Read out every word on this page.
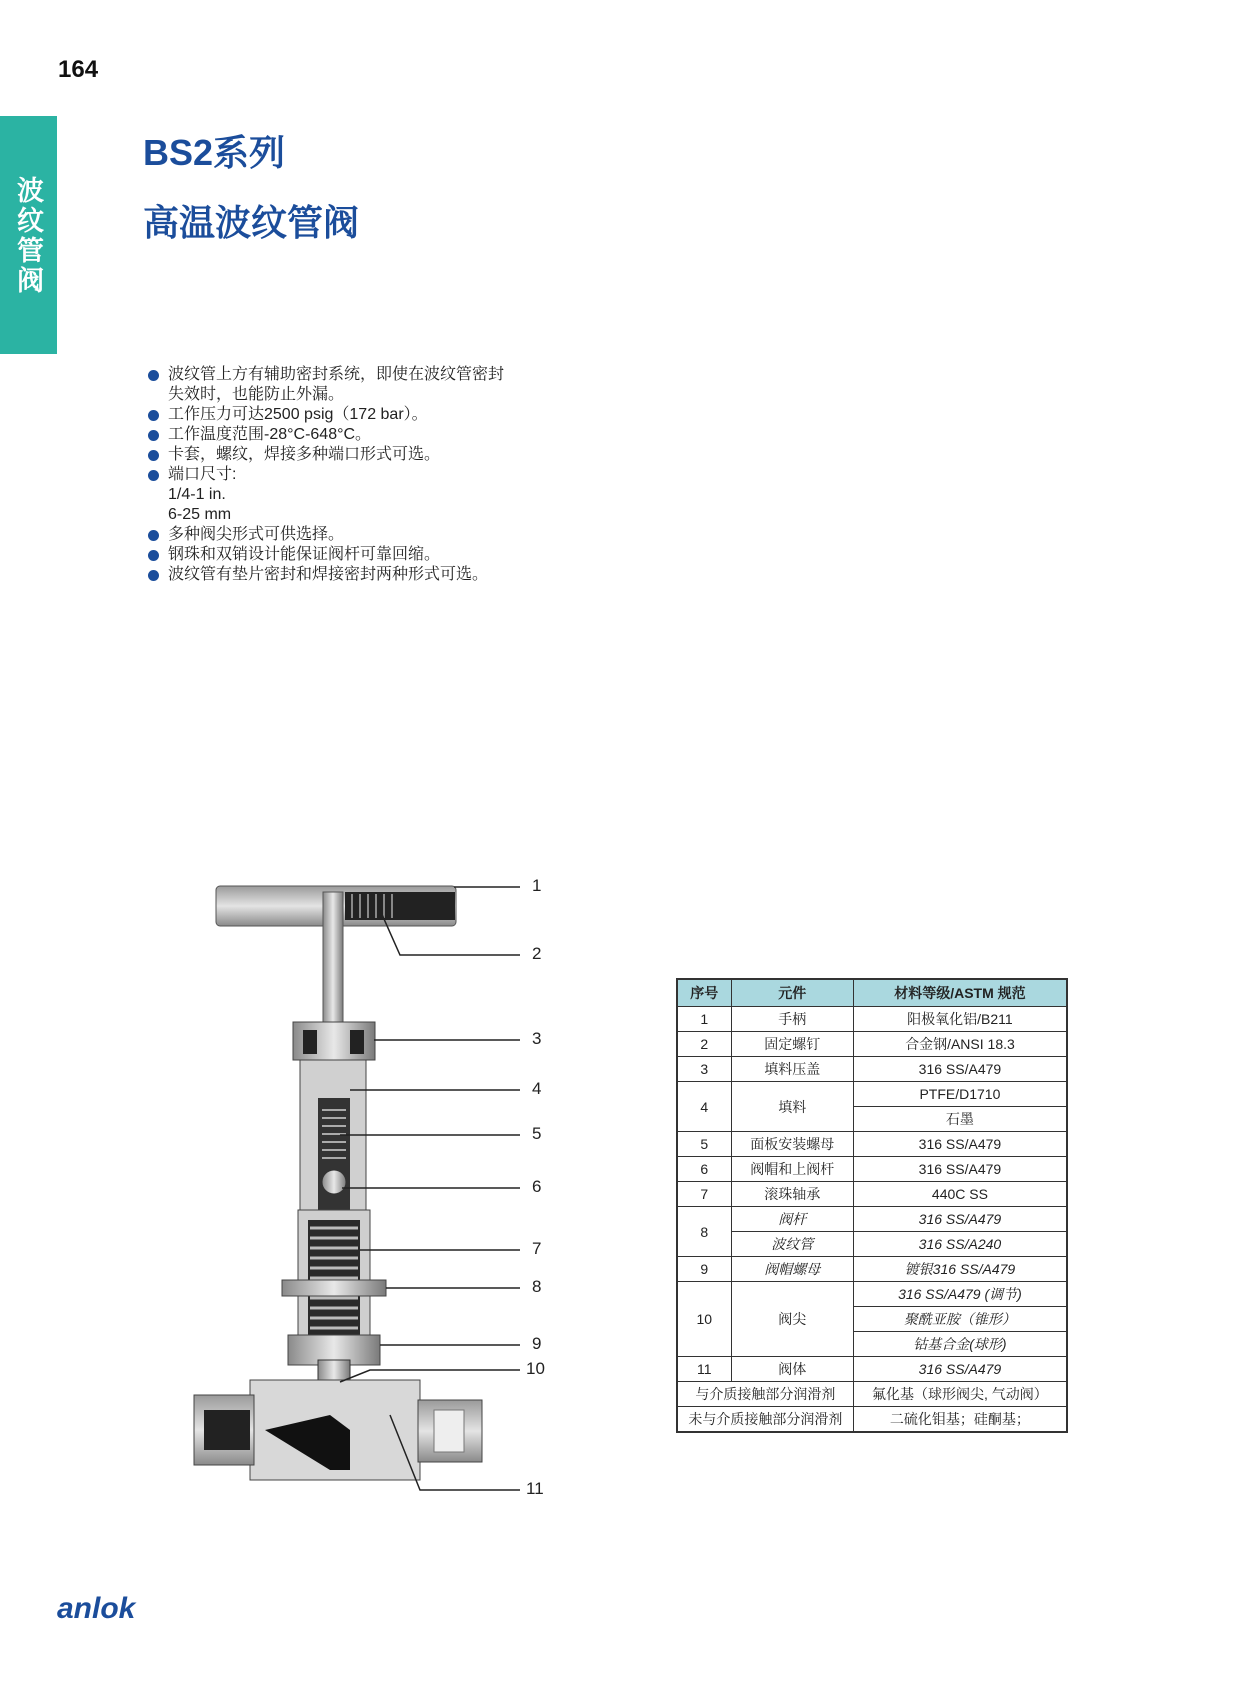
164
波纹管阀
BS2系列
高温波纹管阀
波纹管上方有辅助密封系统，即使在波纹管密封
失效时，也能防止外漏。
工作压力可达2500 psig（172 bar）。
工作温度范围-28°C-648°C。
卡套，螺纹，焊接多种端口形式可选。
端口尺寸:
1/4-1 in.
6-25 mm
多种阀尖形式可供选择。
钢珠和双销设计能保证阀杆可靠回缩。
波纹管有垫片密封和焊接密封两种形式可选。
1
2
3
4
5
6
7
8
9
10
11
序号	元件	材料等级/ASTM 规范
1	手柄	阳极氧化铝/B211
2	固定螺钉	合金钢/ANSI 18.3
3	填料压盖	316 SS/A479
4	填料	PTFE/D1710
		石墨
5	面板安装螺母	316 SS/A479
6	阀帽和上阀杆	316 SS/A479
7	滚珠轴承	440C SS
8	阀杆	316 SS/A479
	波纹管	316 SS/A240
9	阀帽螺母	镀银316 SS/A479
10	阀尖	316 SS/A479 (调节)
		聚酰亚胺（锥形）
		钴基合金(球形)
11	阀体	316 SS/A479
与介质接触部分润滑剂		氟化基（球形阀尖, 气动阀）
未与介质接触部分润滑剂		二硫化钼基；硅酮基；
anlok
